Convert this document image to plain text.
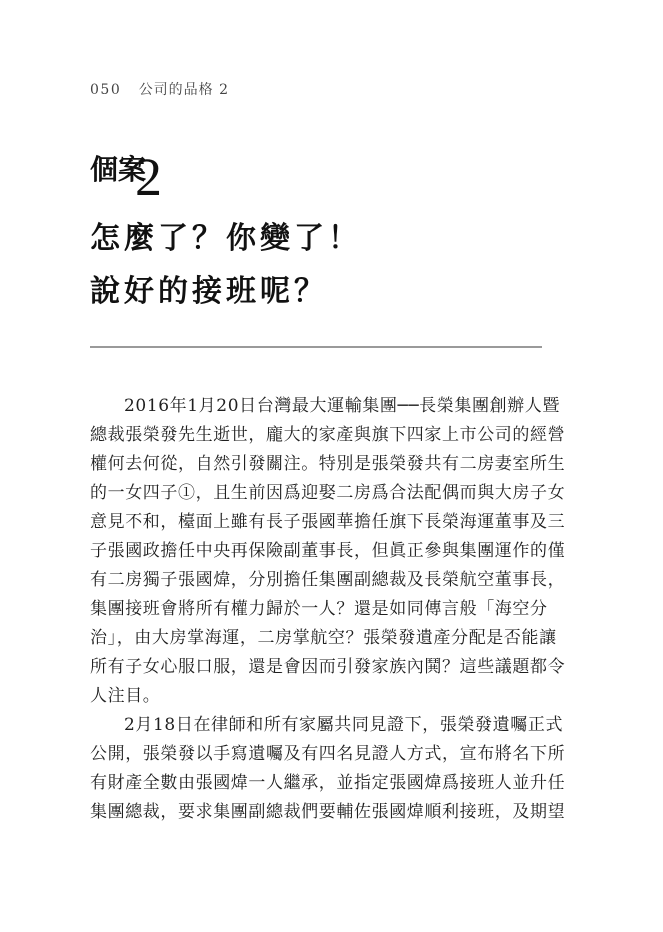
050 公司的品格 2
個案
2
怎麼了？你變了！
說好的接班呢？
2016年1月20日台灣最大運輸集團──長榮集團創辦人暨
總裁張榮發先生逝世，龐大的家產與旗下四家上市公司的經營
權何去何從，自然引發關注。特別是張榮發共有二房妻室所生
的一女四子①，且生前因爲迎娶二房爲合法配偶而與大房子女
意見不和，檯面上雖有長子張國華擔任旗下長榮海運董事及三
子張國政擔任中央再保險副董事長，但眞正參與集團運作的僅
有二房獨子張國煒，分別擔任集團副總裁及長榮航空董事長，
集團接班會將所有權力歸於一人？還是如同傳言般「海空分
治」，由大房掌海運，二房掌航空？張榮發遺產分配是否能讓
所有子女心服口服，還是會因而引發家族內鬨？這些議題都令
人注目。
2月18日在律師和所有家屬共同見證下，張榮發遺囑正式
公開，張榮發以手寫遺囑及有四名見證人方式，宣布將名下所
有財產全數由張國煒一人繼承，並指定張國煒爲接班人並升任
集團總裁，要求集團副總裁們要輔佐張國煒順利接班，及期望
